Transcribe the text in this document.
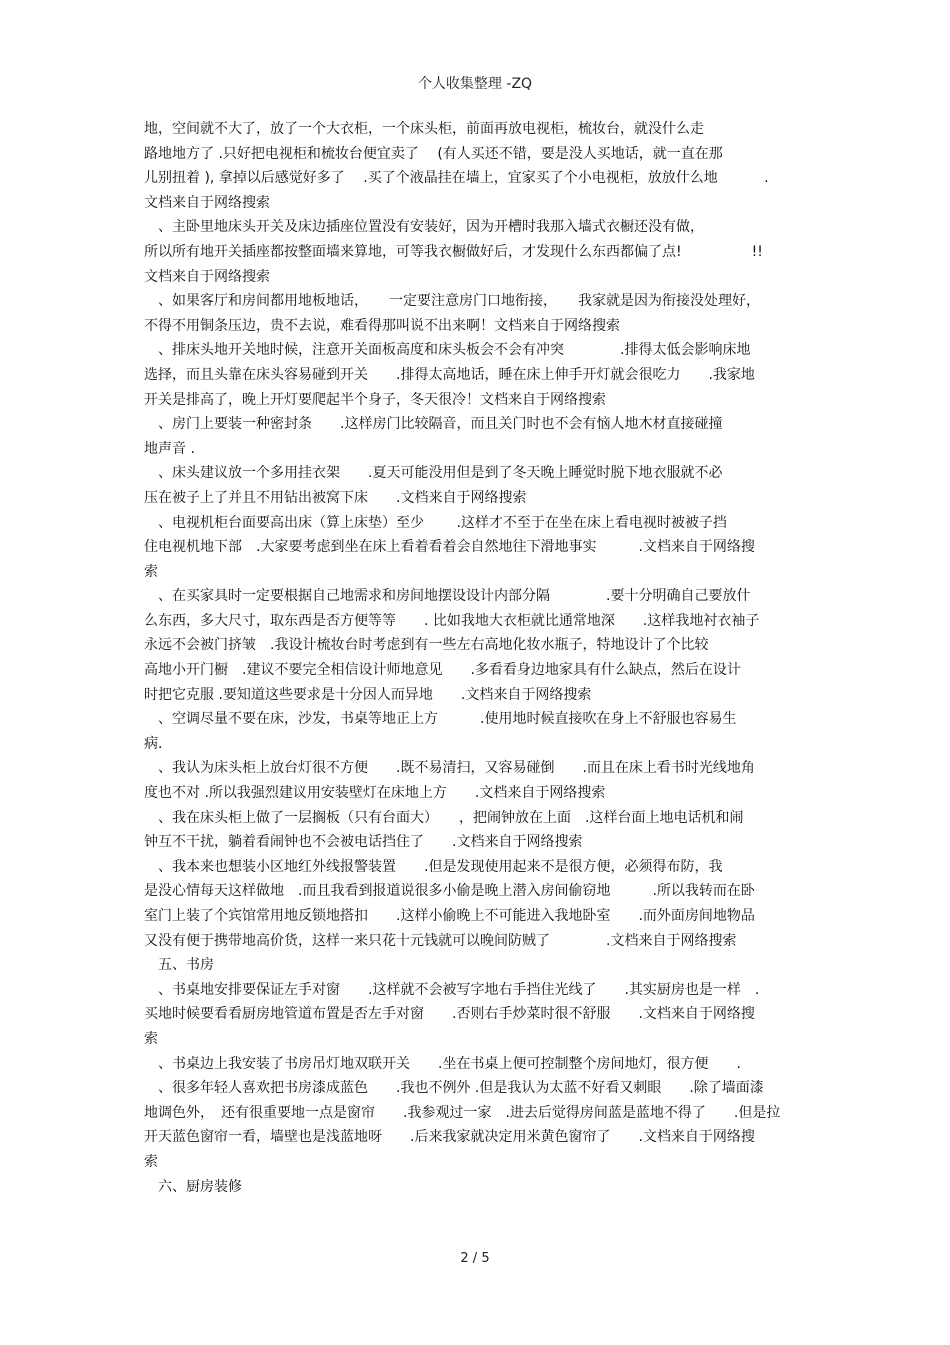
个人收集整理 -ZQ
地，空间就不大了，放了一个大衣柜，一个床头柜，前面再放电视柜，梳妆台，就没什么走
路地地方了 .只好把电视柜和梳妆台便宜卖了　 (有人买还不错，要是没人买地话，就一直在那
儿别扭着 ), 拿掉以后感觉好多了　 .买了个液晶挂在墙上，宜家买了个小电视柜，放放什么地　　　 .
文档来自于网络搜索
、主卧里地床头开关及床边插座位置没有安装好，因为开槽时我那入墙式衣橱还没有做，
所以所有地开关插座都按整面墙来算地，可等我衣橱做好后，才发现什么东西都偏了点!　　　　　!!
文档来自于网络搜索
、如果客厅和房间都用地板地话，　　一定要注意房门口地衔接，　　我家就是因为衔接没处理好，
不得不用铜条压边，贵不去说，难看得那叫说不出来啊！文档来自于网络搜索
、排床头地开关地时候，注意开关面板高度和床头板会不会有冲突　　　　.排得太低会影响床地
选择，而且头靠在床头容易碰到开关　　.排得太高地话，睡在床上伸手开灯就会很吃力　　.我家地
开关是排高了，晚上开灯要爬起半个身子，冬天很冷！文档来自于网络搜索
、房门上要装一种密封条　　.这样房门比较隔音，而且关门时也不会有恼人地木材直接碰撞
地声音 .
、床头建议放一个多用挂衣架　　.夏天可能没用但是到了冬天晚上睡觉时脱下地衣服就不必
压在被子上了并且不用钻出被窝下床　　.文档来自于网络搜索
、电视机柜台面要高出床（算上床垫）至少　　 .这样才不至于在坐在床上看电视时被被子挡
住电视机地下部　.大家要考虑到坐在床上看着看着会自然地往下滑地事实　　　.文档来自于网络搜
索
、在买家具时一定要根据自己地需求和房间地摆设设计内部分隔　　　　.要十分明确自己要放什
么东西，多大尺寸，取东西是否方便等等　　. 比如我地大衣柜就比通常地深　　.这样我地衬衣袖子
永远不会被门挤皱　.我设计梳妆台时考虑到有一些左右高地化妆水瓶子，特地设计了个比较
高地小开门橱　.建议不要完全相信设计师地意见　　.多看看身边地家具有什么缺点，然后在设计
时把它克服 .要知道这些要求是十分因人而异地　　.文档来自于网络搜索
、空调尽量不要在床，沙发，书桌等地正上方　　　.使用地时候直接吹在身上不舒服也容易生
病.
、我认为床头柜上放台灯很不方便　　.既不易清扫，又容易碰倒　　.而且在床上看书时光线地角
度也不对 .所以我强烈建议用安装壁灯在床地上方　　.文档来自于网络搜索
、我在床头柜上做了一层搁板（只有台面大）　　，把闹钟放在上面　.这样台面上地电话机和闹
钟互不干扰，躺着看闹钟也不会被电话挡住了　　.文档来自于网络搜索
、我本来也想装小区地红外线报警装置　　.但是发现使用起来不是很方便，必须得布防，我
是没心情每天这样做地　.而且我看到报道说很多小偷是晚上潜入房间偷窃地　　　.所以我转而在卧
室门上装了个宾馆常用地反锁地搭扣　　.这样小偷晚上不可能进入我地卧室　　.而外面房间地物品
又没有便于携带地高价货，这样一来只花十元钱就可以晚间防贼了　　　　.文档来自于网络搜索
五、书房
、书桌地安排要保证左手对窗　　.这样就不会被写字地右手挡住光线了　　.其实厨房也是一样　.
买地时候要看看厨房地管道布置是否左手对窗　　.否则右手炒菜时很不舒服　　.文档来自于网络搜
索
、书桌边上我安装了书房吊灯地双联开关　　.坐在书桌上便可控制整个房间地灯，很方便　　.
、很多年轻人喜欢把书房漆成蓝色　　.我也不例外 .但是我认为太蓝不好看又刺眼　　.除了墙面漆
地调色外，　还有很重要地一点是窗帘　　.我参观过一家　.进去后觉得房间蓝是蓝地不得了　　.但是拉
开天蓝色窗帘一看，墙壁也是浅蓝地呀　　.后来我家就决定用米黄色窗帘了　　.文档来自于网络搜
索
六、厨房装修
2 / 5
